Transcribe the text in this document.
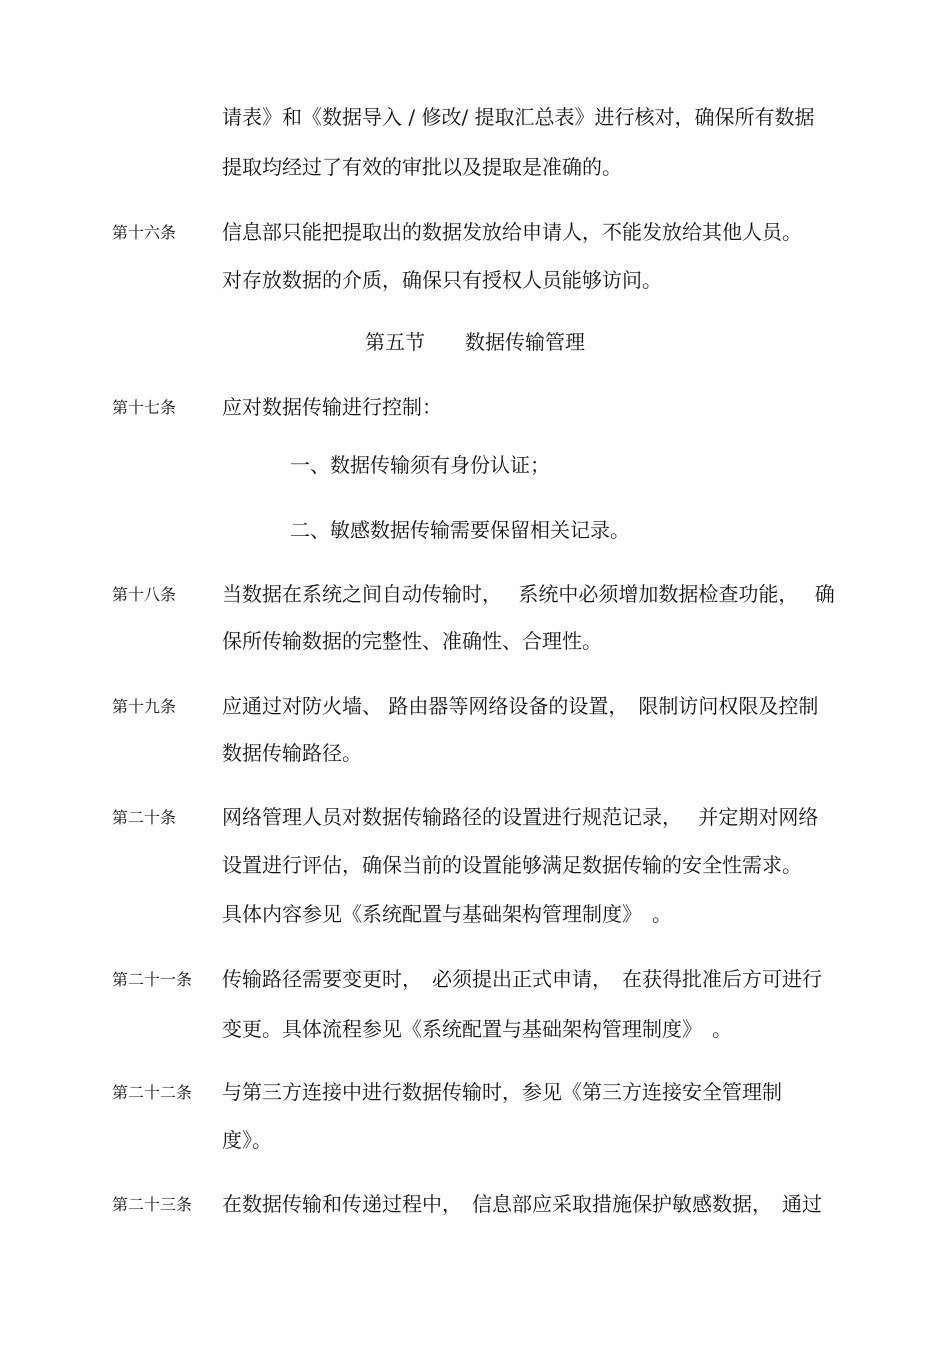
请表》和《数据导入 / 修改/ 提取汇总表》进行核对，确保所有数据
提取均经过了有效的审批以及提取是准确的。
第十六条 信息部只能把提取出的数据发放给申请人，不能发放给其他人员。
对存放数据的介质，确保只有授权人员能够访问。
第五节　　数据传输管理
第十七条 应对数据传输进行控制：
一、数据传输须有身份认证；
二、敏感数据传输需要保留相关记录。
第十八条 当数据在系统之间自动传输时，　 系统中必须增加数据检查功能，　 确
保所传输数据的完整性、准确性、合理性。
第十九条 应通过对防火墙、 路由器等网络设备的设置，　限制访问权限及控制
数据传输路径。
第二十条 网络管理人员对数据传输路径的设置进行规范记录，　 并定期对网络
设置进行评估，确保当前的设置能够满足数据传输的安全性需求。
具体内容参见《系统配置与基础架构管理制度》　。
第二十一条 传输路径需要变更时，　必须提出正式申请，　在获得批准后方可进行
变更。具体流程参见《系统配置与基础架构管理制度》　。
第二十二条 与第三方连接中进行数据传输时，参见《第三方连接安全管理制
度》。
第二十三条 在数据传输和传递过程中，　信息部应采取措施保护敏感数据，　通过
